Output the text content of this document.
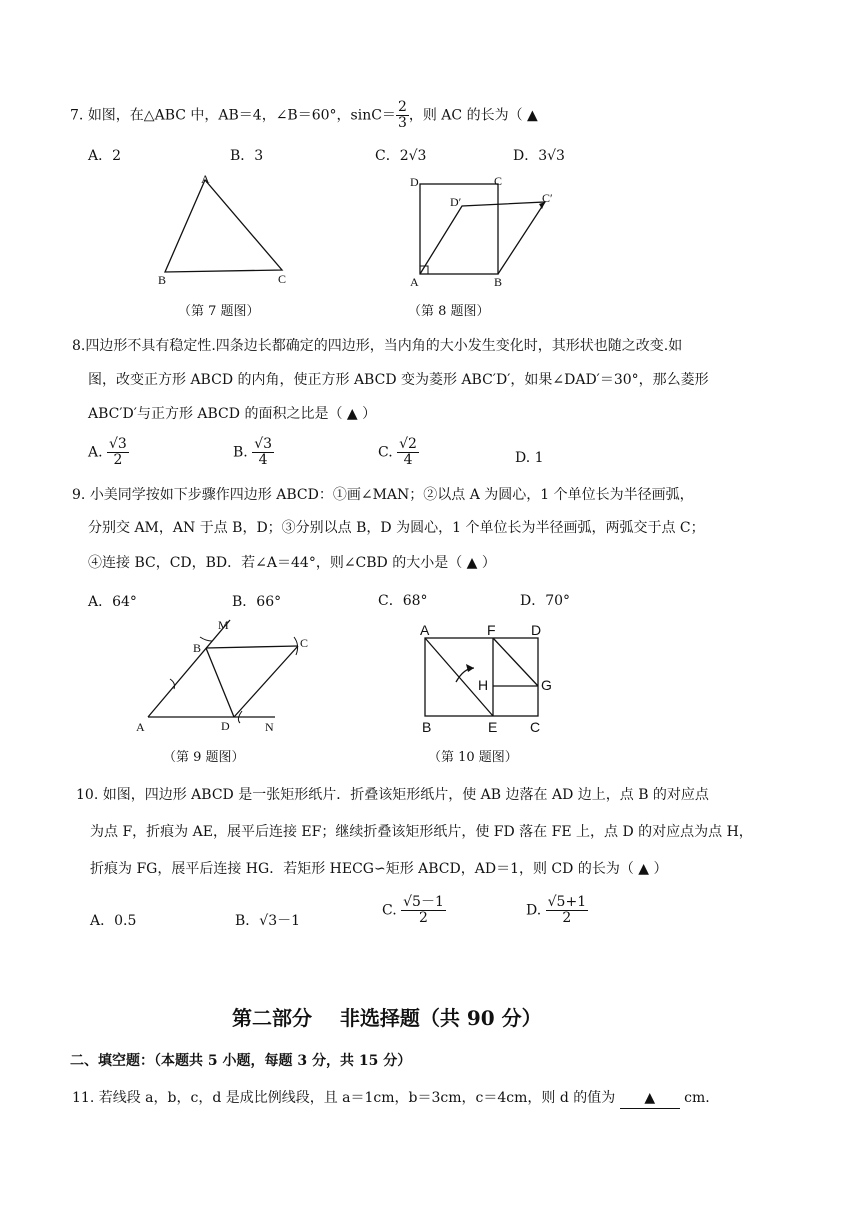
7. 如图，在△ABC 中，AB＝4，∠B＝60°，$\sin C= \frac{2}{3}$ ，则 AC 的长为（ ▲
A．2	B．3	C．2√3	D．3√3
A
B	C
（第 7 题图）
D	C
D′	C′
A	B
（第 8 题图）
8.四边形不具有稳定性.四条边长都确定的四边形，当内角的大小发生变化时，其形状也随之改变.如
图，改变正方形 ABCD 的内角，使正方形 ABCD 变为菱形 ABC′D′，如果∠DAD′＝30°，那么菱形
ABC′D′与正方形 ABCD 的面积之比是（ ▲ ）
A. $\frac{√3}{2}$	B. $\frac{√3}{4}$	C. $\frac{√2}{4}$	D. 1
9. 小美同学按如下步骤作四边形 ABCD：①画∠MAN；②以点 A 为圆心，1 个单位长为半径画弧，
分别交 AM，AN 于点 B，D；③分别以点 B，D 为圆心，1 个单位长为半径画弧，两弧交于点 C；
④连接 BC，CD，BD．若∠A＝44°，则∠CBD 的大小是（ ▲ ）
A．64°	B．66°	C．68°	D．70°
M
B	C
A	D	N
（第 9 题图）
A	F	D
H	G
B	E C
（第 10 题图）
10. 如图，四边形 ABCD 是一张矩形纸片．折叠该矩形纸片，使 AB 边落在 AD 边上，点 B 的对应点
为点 F，折痕为 AE，展平后连接 EF；继续折叠该矩形纸片，使 FD 落在 FE 上，点 D 的对应点为点 H，
折痕为 FG，展平后连接 HG．若矩形 HECG∽矩形 ABCD，AD＝1，则 CD 的长为（ ▲ ）
A．0.5	B．√3－1
C. $\frac{√5-1}{2}$	D. $\frac{√5+1}{2}$
第二部分    非选择题（共 90 分）
二、填空题：（本题共 5 小题，每题 3 分，共 15 分）
11. 若线段 a，b，c，d 是成比例线段，且 a＝1cm，b＝3cm，c＝4cm，则 d 的值为 ▲ cm.
